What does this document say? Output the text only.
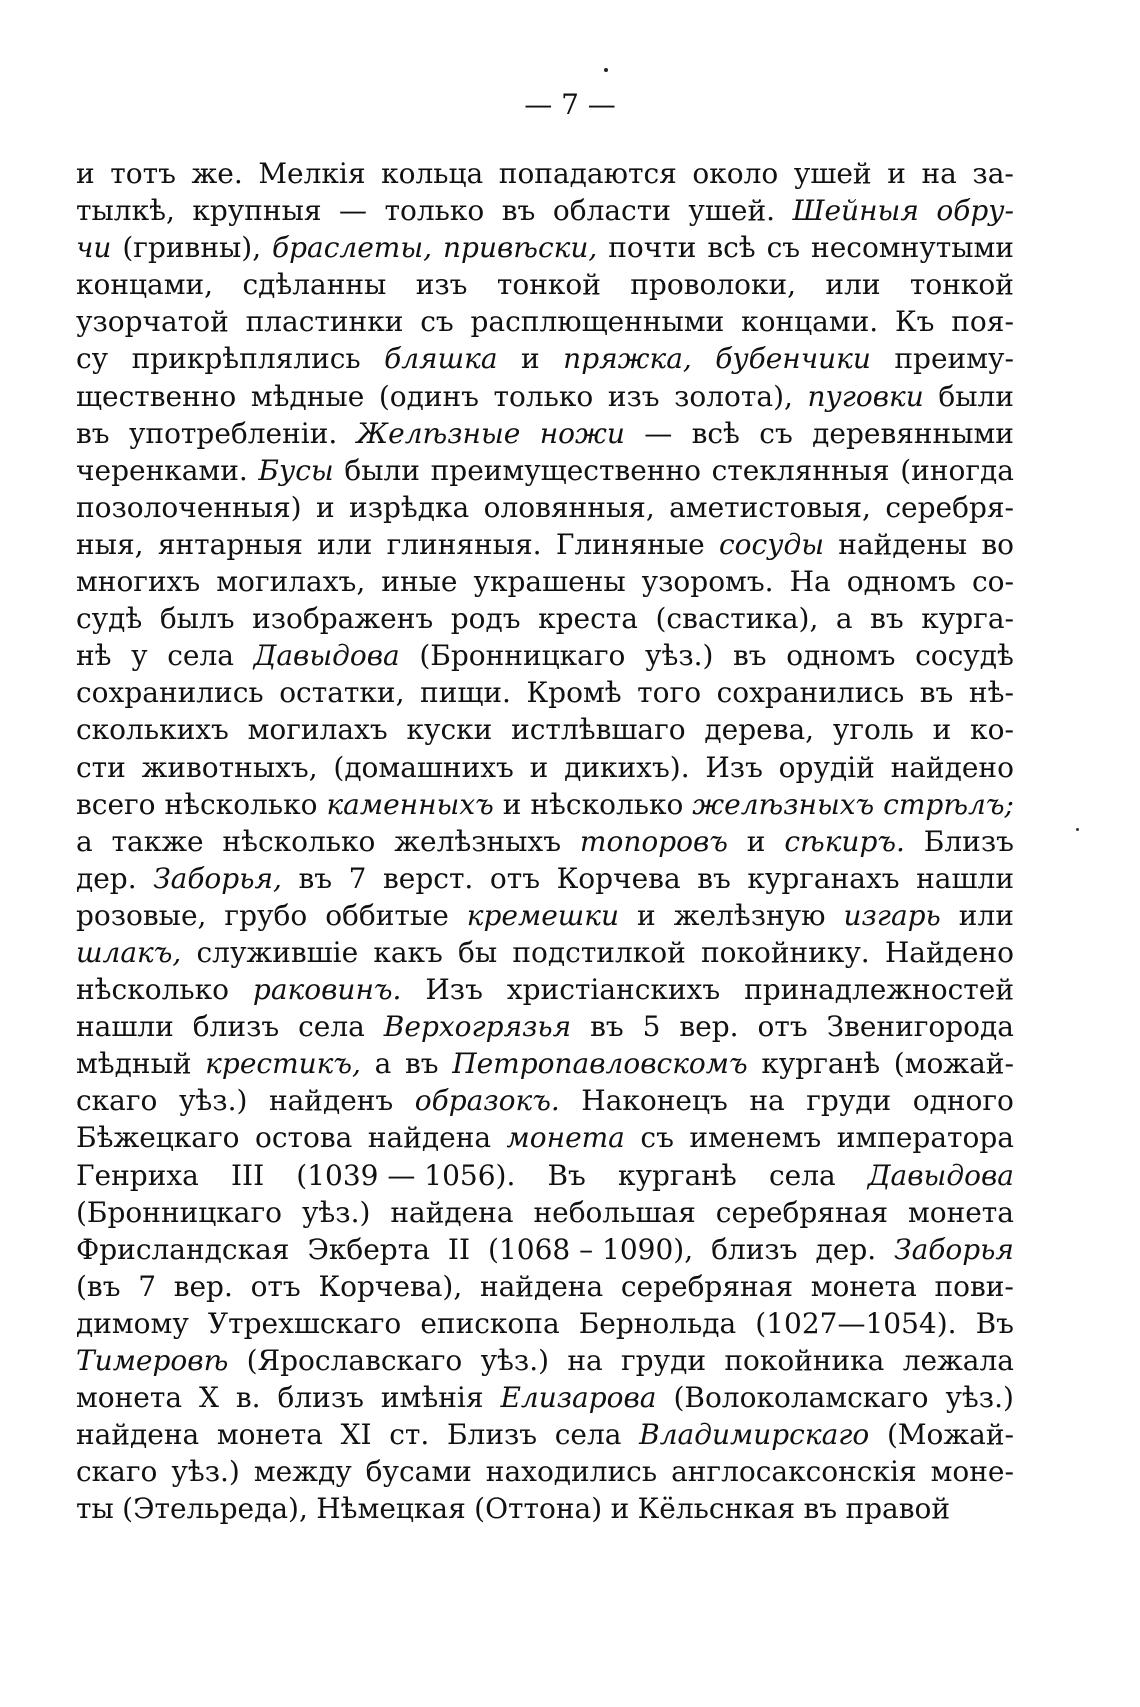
— 7 —
и тотъ же. Мелкія кольца попадаются около ушей и на за-
тылкѣ, крупныя — только въ области ушей. Шейныя обру-
чи (гривны), браслеты, привѣски, почти всѣ съ несомнутыми
концами, сдѣланны изъ тонкой проволоки, или тонкой
узорчатой пластинки съ расплющенными концами. Къ поя-
су прикрѣплялись бляшка и пряжка, бубенчики преиму-
щественно мѣдные (одинъ только изъ золота), пуговки были
въ употребленіи. Желѣзные ножи — всѣ съ деревянными
черенками. Бусы были преимущественно стеклянныя (иногда
позолоченныя) и изрѣдка оловянныя, аметистовыя, серебря-
ныя, янтарныя или глиняныя. Глиняные сосуды найдены во
многихъ могилахъ, иные украшены узоромъ. На одномъ со-
судѣ былъ изображенъ родъ креста (свастика), а въ курга-
нѣ у села Давыдова (Бронницкаго уѣз.) въ одномъ сосудѣ
сохранились остатки, пищи. Кромѣ того сохранились въ нѣ-
сколькихъ могилахъ куски истлѣвшаго дерева, уголь и ко-
сти животныхъ, (домашнихъ и дикихъ). Изъ орудій найдено
всего нѣсколько каменныхъ и нѣсколько желѣзныхъ стрѣлъ;
а также нѣсколько желѣзныхъ топоровъ и сѣкиръ. Близъ
дер. Заборья, въ 7 верст. отъ Корчева въ курганахъ нашли
розовые, грубо оббитые кремешки и желѣзную изгарь или
шлакъ, служившіе какъ бы подстилкой покойнику. Найдено
нѣсколько раковинъ. Изъ христіанскихъ принадлежностей
нашли близъ села Верхогрязья въ 5 вер. отъ Звенигорода
мѣдный крестикъ, а въ Петропавловскомъ курганѣ (можай-
скаго уѣз.) найденъ образокъ. Наконецъ на груди одного
Бѣжецкаго остова найдена монета съ именемъ императора
Генриха III (1039 — 1056). Въ курганѣ села Давыдова
(Бронницкаго уѣз.) найдена небольшая серебряная монета
Фрисландская Экберта II (1068 – 1090), близъ дер. Заборья
(въ 7 вер. отъ Корчева), найдена серебряная монета пови-
димому Утрехшскаго епископа Бернольда (1027—1054). Въ
Тимеровѣ (Ярославскаго уѣз.) на груди покойника лежала
монета X в. близъ имѣнія Елизарова (Волоколамскаго уѣз.)
найдена монета XI ст. Близъ села Владимирскаго (Можай-
скаго уѣз.) между бусами находились англосаксонскія моне-
ты (Этельреда), Нѣмецкая (Оттона) и Кёльснкая въ правой
